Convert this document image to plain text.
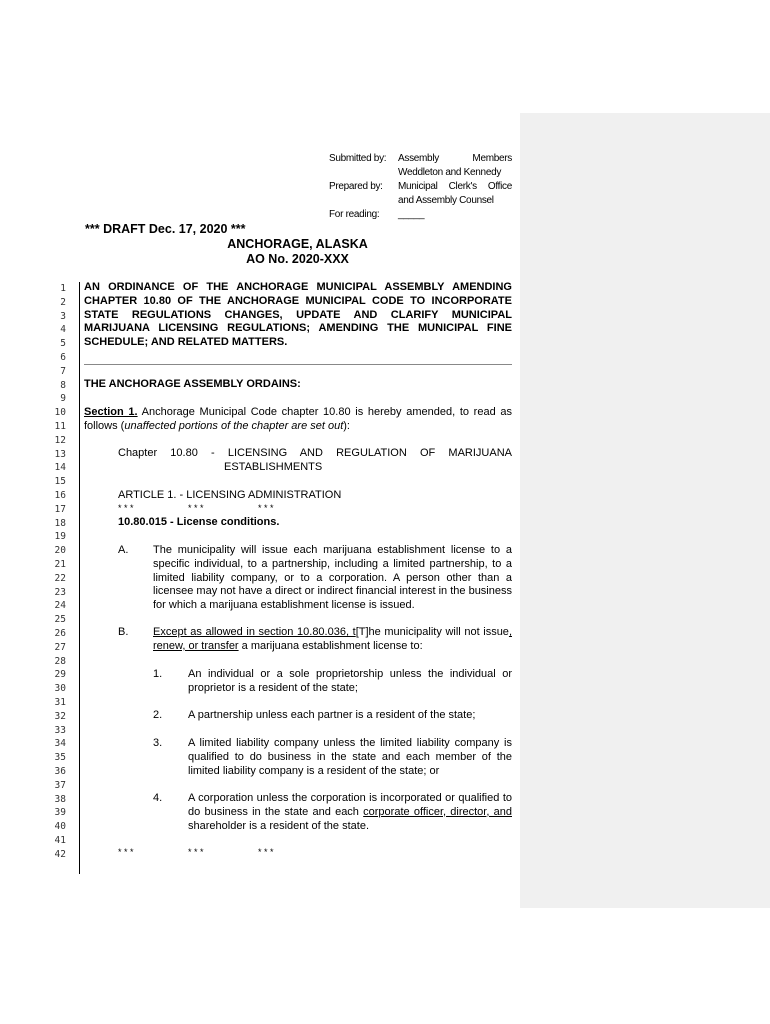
Submitted by: Assembly Members Weddleton and Kennedy
Prepared by: Municipal Clerk's Office and Assembly Counsel
For reading: _____
*** DRAFT Dec. 17, 2020 ***
ANCHORAGE, ALASKA
AO No. 2020-XXX
1
2
3
4
5
6
7
8
9
10
11
12
13
14
15
16
17
18
19
20
21
22
23
24
25
26
27
28
29
30
31
32
33
34
35
36
37
38
39
40
41
42
AN ORDINANCE OF THE ANCHORAGE MUNICIPAL ASSEMBLY AMENDING CHAPTER 10.80 OF THE ANCHORAGE MUNICIPAL CODE TO INCORPORATE STATE REGULATIONS CHANGES, UPDATE AND CLARIFY MUNICIPAL MARIJUANA LICENSING REGULATIONS; AMENDING THE MUNICIPAL FINE SCHEDULE; AND RELATED MATTERS.
THE ANCHORAGE ASSEMBLY ORDAINS:
Section 1. Anchorage Municipal Code chapter 10.80 is hereby amended, to read as follows (unaffected portions of the chapter are set out):
Chapter 10.80 - LICENSING AND REGULATION OF MARIJUANA
ESTABLISHMENTS
ARTICLE 1. - LICENSING ADMINISTRATION
* * *	* * *	* * *
10.80.015 - License conditions.
A. The municipality will issue each marijuana establishment license to a specific individual, to a partnership, including a limited partnership, to a limited liability company, or to a corporation. A person other than a licensee may not have a direct or indirect financial interest in the business for which a marijuana establishment license is issued.
B. Except as allowed in section 10.80.036, t[T]he municipality will not issue, renew, or transfer a marijuana establishment license to:
1. An individual or a sole proprietorship unless the individual or proprietor is a resident of the state;
2. A partnership unless each partner is a resident of the state;
3. A limited liability company unless the limited liability company is qualified to do business in the state and each member of the limited liability company is a resident of the state; or
4. A corporation unless the corporation is incorporated or qualified to do business in the state and each corporate officer, director, and shareholder is a resident of the state.
* * *	* * *	* * *
